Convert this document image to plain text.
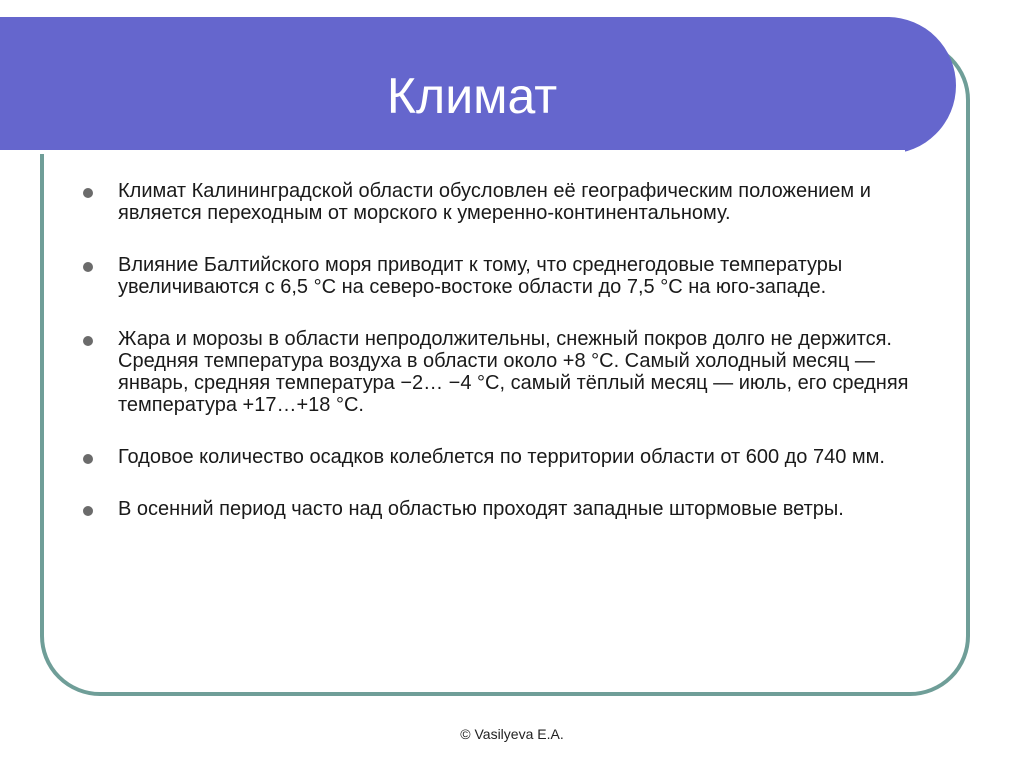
Климат
Климат Калининградской области обусловлен её географическим положением и является переходным от морского к умеренно-континентальному.
Влияние Балтийского моря приводит к тому, что среднегодовые температуры увеличиваются с 6,5 °C на северо-востоке области до 7,5 °C на юго-западе.
Жара и морозы в области непродолжительны, снежный покров долго не держится. Средняя температура воздуха в области около +8 °C. Самый холодный месяц — январь, средняя температура −2… −4 °C, самый тёплый месяц — июль, его средняя температура +17…+18 °C.
Годовое количество осадков колеблется по территории области от 600 до 740 мм.
В осенний период часто над областью проходят западные штормовые ветры.
© Vasilyeva E.A.
